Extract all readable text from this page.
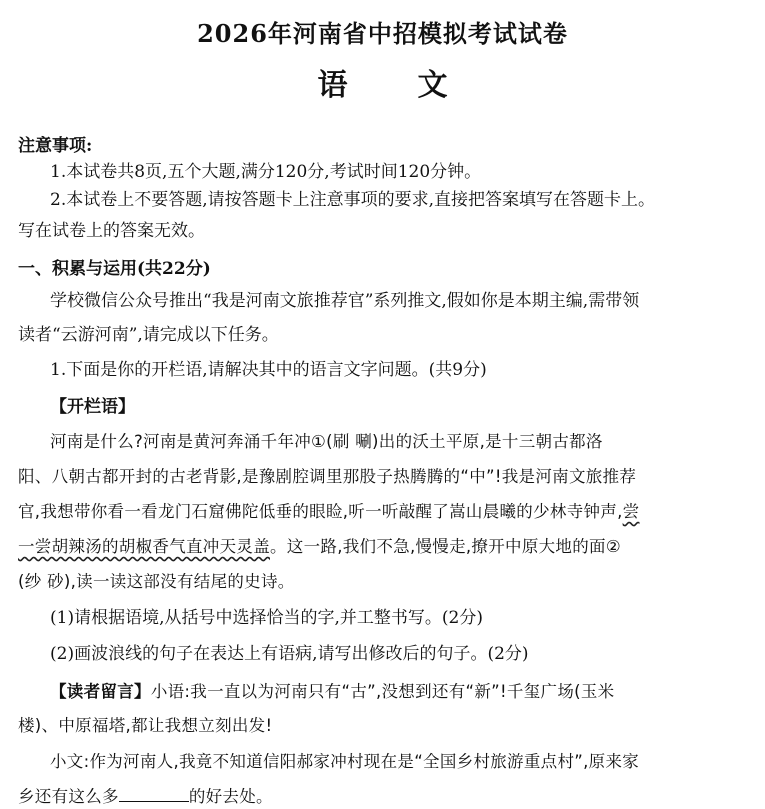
2026年河南省中招模拟考试试卷
语 文
注意事项:
1.本试卷共8页,五个大题,满分120分,考试时间120分钟。
2.本试卷上不要答题,请按答题卡上注意事项的要求,直接把答案填写在答题卡上。
写在试卷上的答案无效。
一、积累与运用(共22分)
学校微信公众号推出“我是河南文旅推荐官”系列推文,假如你是本期主编,需带领
读者“云游河南”,请完成以下任务。
1.下面是你的开栏语,请解决其中的语言文字问题。(共9分)
【开栏语】
河南是什么?河南是黄河奔涌千年冲①(刷 唰)出的沃土平原,是十三朝古都洛
阳、八朝古都开封的古老背影,是豫剧腔调里那股子热腾腾的“中”!我是河南文旅推荐
官,我想带你看一看龙门石窟佛陀低垂的眼睑,听一听敲醒了嵩山晨曦的少林寺钟声,尝
一尝胡辣汤的胡椒香气直冲天灵盖。这一路,我们不急,慢慢走,撩开中原大地的面②
(纱 砂),读一读这部没有结尾的史诗。
(1)请根据语境,从括号中选择恰当的字,并工整书写。(2分)
(2)画波浪线的句子在表达上有语病,请写出修改后的句子。(2分)
【读者留言】小语:我一直以为河南只有“古”,没想到还有“新”!千玺广场(玉米
楼)、中原福塔,都让我想立刻出发!
小文:作为河南人,我竟不知道信阳郝家冲村现在是“全国乡村旅游重点村”,原来家
乡还有这么多	的好去处。
